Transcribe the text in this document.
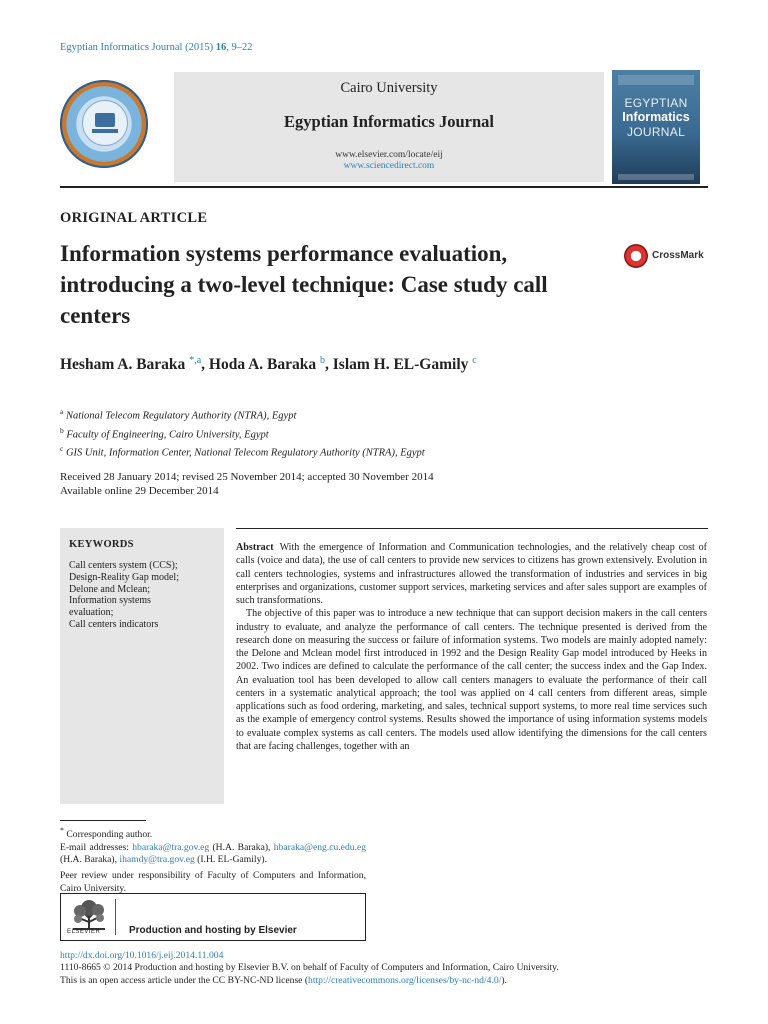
Egyptian Informatics Journal (2015) 16, 9–22
Cairo University
Egyptian Informatics Journal
www.elsevier.com/locate/eij
www.sciencedirect.com
EGYPTIAN
Informatics
JOURNAL
ORIGINAL ARTICLE
Information systems performance evaluation, introducing a two-level technique: Case study call centers
CrossMark
Hesham A. Baraka $^{*,a}$, Hoda A. Baraka $^b$, Islam H. EL-Gamily $^c$
$^a$ National Telecom Regulatory Authority (NTRA), Egypt
$^b$ Faculty of Engineering, Cairo University, Egypt
$^c$ GIS Unit, Information Center, National Telecom Regulatory Authority (NTRA), Egypt
Received 28 January 2014; revised 25 November 2014; accepted 30 November 2014
Available online 29 December 2014
KEYWORDS
Call centers system (CCS);
Design-Reality Gap model;
Delone and Mclean;
Information systems
evaluation;
Call centers indicators

Abstract With the emergence of Information and Communication technologies, and the relatively cheap cost of calls (voice and data), the use of call centers to provide new services to citizens has grown extensively. Evolution in call centers technologies, systems and infrastructures allowed the transformation of industries and services in big enterprises and organizations, customer support services, marketing services and after sales support are examples of such transformations.

The objective of this paper was to introduce a new technique that can support decision makers in the call centers industry to evaluate, and analyze the performance of call centers. The technique presented is derived from the research done on measuring the success or failure of information systems. Two models are mainly adopted namely: the Delone and Mclean model first introduced in 1992 and the Design Reality Gap model introduced by Heeks in 2002. Two indices are defined to calculate the performance of the call center; the success index and the Gap Index. An evaluation tool has been developed to allow call centers managers to evaluate the performance of their call centers in a systematic analytical approach; the tool was applied on 4 call centers from different areas, simple applications such as food ordering, marketing, and sales, technical support systems, to more real time services such as the example of emergency control systems. Results showed the importance of using information systems models to evaluate complex systems as call centers. The models used allow identifying the dimensions for the call centers that are facing challenges, together with an

* Corresponding author.

E-mail addresses: hbaraka@tra.gov.eg (H.A. Baraka), hbaraka@eng.cu.edu.eg (H.A. Baraka), ihamdy@tra.gov.eg (I.H. EL-Gamily).

Peer review under responsibility of Faculty of Computers and Information, Cairo University.

ELSEVIER	Production and hosting by Elsevier
http://dx.doi.org/10.1016/j.eij.2014.11.004
1110-8665 © 2014 Production and hosting by Elsevier B.V. on behalf of Faculty of Computers and Information, Cairo University.
This is an open access article under the CC BY-NC-ND license (http://creativecommons.org/licenses/by-nc-nd/4.0/).
